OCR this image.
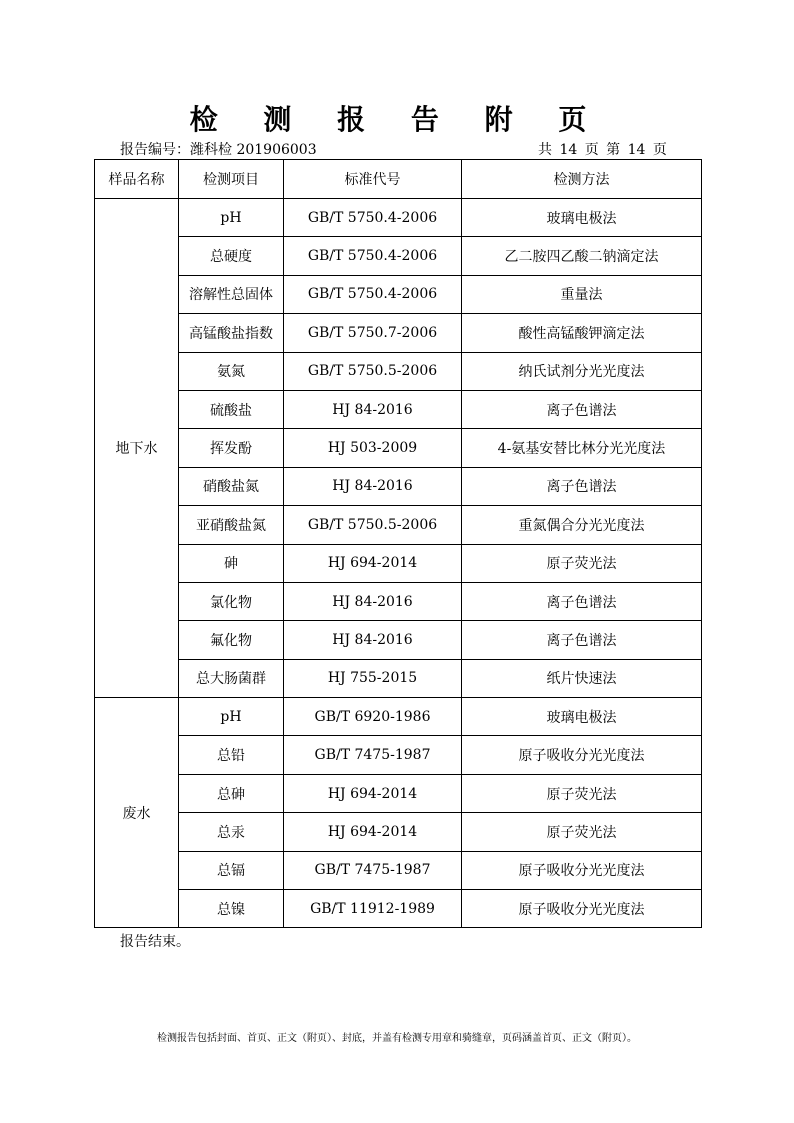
检 测 报 告 附 页
报告编号：潍科检 201906003	共 14 页 第 14 页
样品名称	检测项目	标准代号	检测方法
地下水	pH	GB/T 5750.4-2006	玻璃电极法
	总硬度	GB/T 5750.4-2006	乙二胺四乙酸二钠滴定法
	溶解性总固体	GB/T 5750.4-2006	重量法
	高锰酸盐指数	GB/T 5750.7-2006	酸性高锰酸钾滴定法
	氨氮	GB/T 5750.5-2006	纳氏试剂分光光度法
	硫酸盐	HJ 84-2016	离子色谱法
	挥发酚	HJ 503-2009	4-氨基安替比林分光光度法
	硝酸盐氮	HJ 84-2016	离子色谱法
	亚硝酸盐氮	GB/T 5750.5-2006	重氮偶合分光光度法
	砷	HJ 694-2014	原子荧光法
	氯化物	HJ 84-2016	离子色谱法
	氟化物	HJ 84-2016	离子色谱法
	总大肠菌群	HJ 755-2015	纸片快速法
废水	pH	GB/T 6920-1986	玻璃电极法
	总铅	GB/T 7475-1987	原子吸收分光光度法
	总砷	HJ 694-2014	原子荧光法
	总汞	HJ 694-2014	原子荧光法
	总镉	GB/T 7475-1987	原子吸收分光光度法
	总镍	GB/T 11912-1989	原子吸收分光光度法
报告结束。
检测报告包括封面、首页、正文（附页）、封底，并盖有检测专用章和骑缝章，页码涵盖首页、正文（附页）。
